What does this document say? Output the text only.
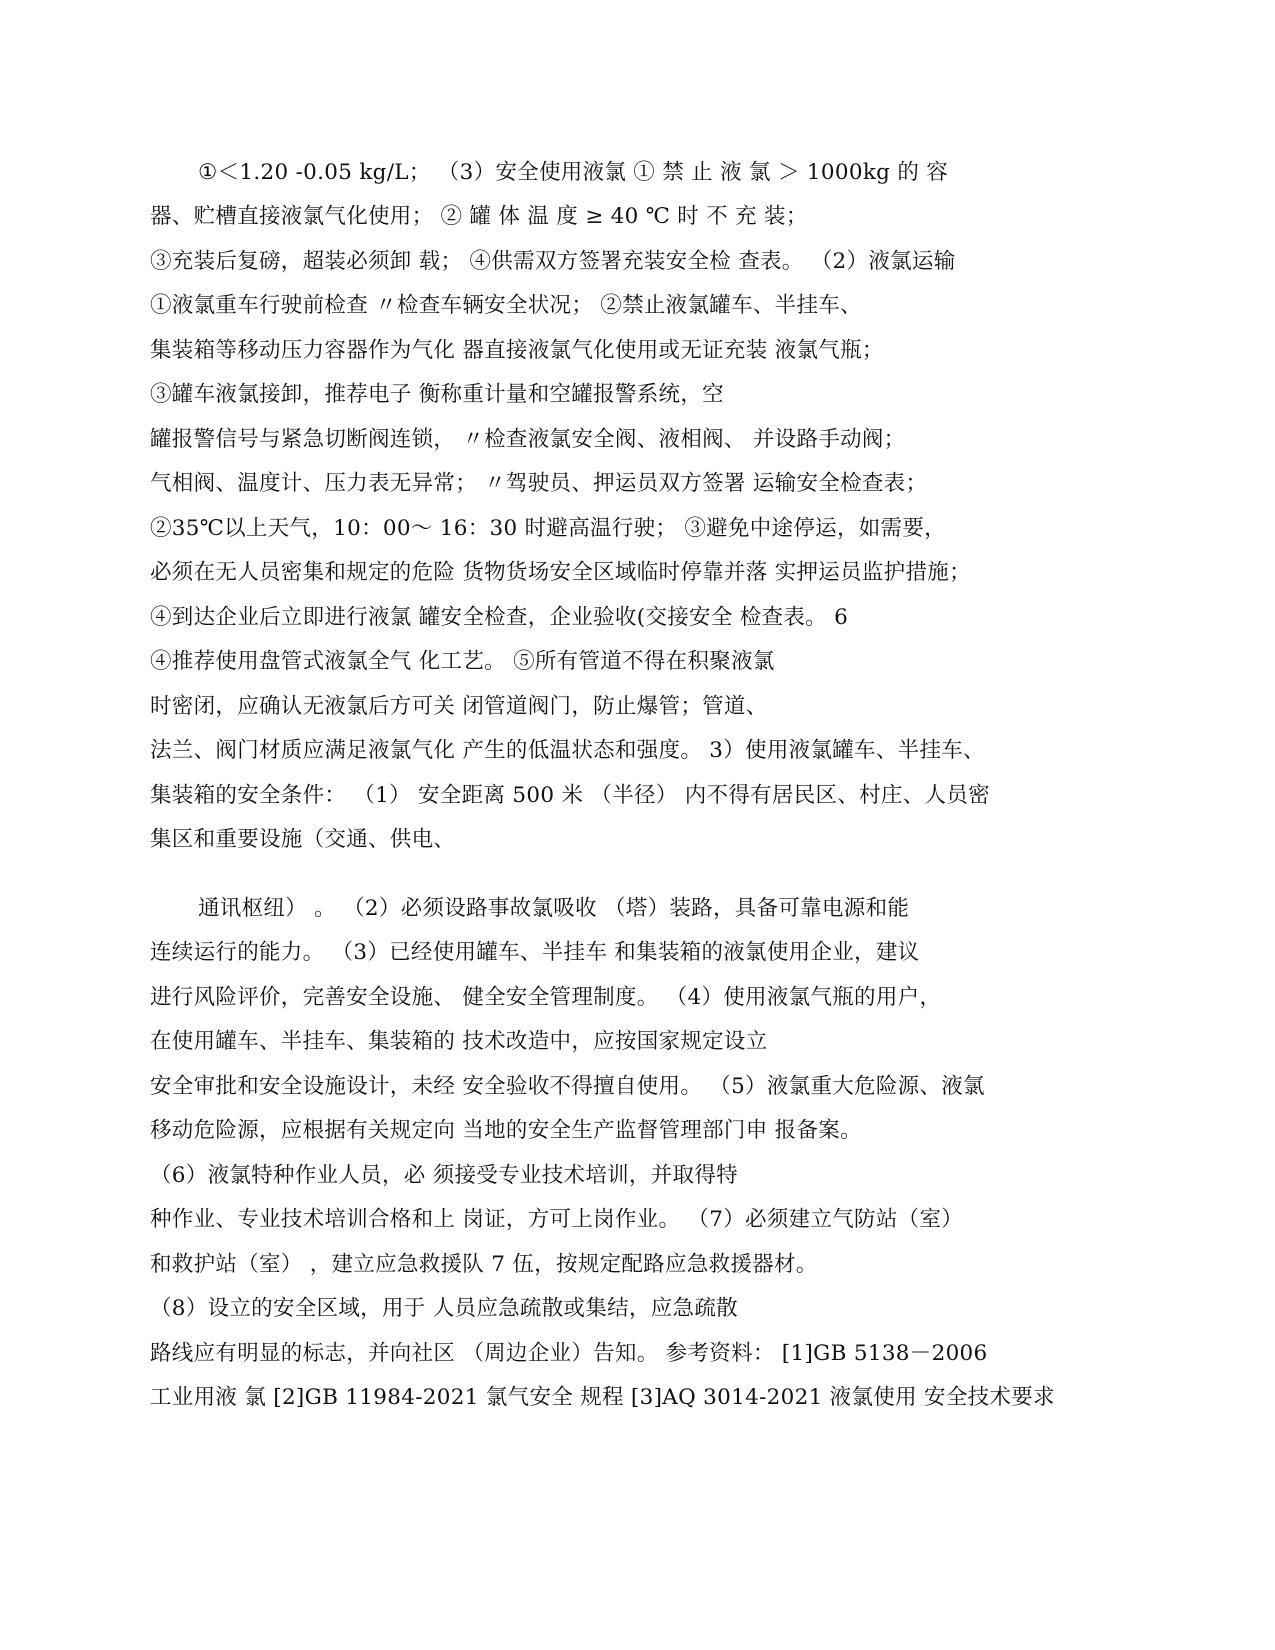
①＜1.20 -0.05 kg/L； （3）安全使用液氯 ① 禁 止 液 氯 ＞ 1000kg 的 容
器、贮槽直接液氯气化使用； ② 罐 体 温 度 ≥ 40 ℃ 时 不 充 装；
③充装后复磅，超装必须卸 载； ④供需双方签署充装安全检 查表。 （2）液氯运输
①液氯重车行驶前检查 〃检查车辆安全状况； ②禁止液氯罐车、半挂车、
集装箱等移动压力容器作为气化 器直接液氯气化使用或无证充装 液氯气瓶；
③罐车液氯接卸，推荐电子 衡称重计量和空罐报警系统，空
罐报警信号与紧急切断阀连锁， 〃检查液氯安全阀、液相阀、 并设路手动阀；
气相阀、温度计、压力表无异常； 〃驾驶员、押运员双方签署 运输安全检查表；
②35℃以上天气，10：00～ 16：30 时避高温行驶； ③避免中途停运，如需要，
必须在无人员密集和规定的危险 货物货场安全区域临时停靠并落 实押运员监护措施；
④到达企业后立即进行液氯 罐安全检查，企业验收(交接安全 检查表。 6
④推荐使用盘管式液氯全气 化工艺。 ⑤所有管道不得在积聚液氯
时密闭，应确认无液氯后方可关 闭管道阀门，防止爆管；管道、
法兰、阀门材质应满足液氯气化 产生的低温状态和强度。 3）使用液氯罐车、半挂车、
集装箱的安全条件： （1） 安全距离 500 米 （半径） 内不得有居民区、村庄、人员密
集区和重要设施（交通、供电、
通讯枢纽） 。 （2）必须设路事故氯吸收 （塔）装路，具备可靠电源和能
连续运行的能力。 （3）已经使用罐车、半挂车 和集装箱的液氯使用企业，建议
进行风险评价，完善安全设施、 健全安全管理制度。 （4）使用液氯气瓶的用户，
在使用罐车、半挂车、集装箱的 技术改造中，应按国家规定设立
安全审批和安全设施设计，未经 安全验收不得擅自使用。 （5）液氯重大危险源、液氯
移动危险源，应根据有关规定向 当地的安全生产监督管理部门申 报备案。
（6）液氯特种作业人员，必 须接受专业技术培训，并取得特
种作业、专业技术培训合格和上 岗证，方可上岗作业。 （7）必须建立气防站（室）
和救护站（室） ，建立应急救援队 7 伍，按规定配路应急救援器材。
（8）设立的安全区域，用于 人员应急疏散或集结，应急疏散
路线应有明显的标志，并向社区 （周边企业）告知。 参考资料： [1]GB 5138－2006
工业用液 氯 [2]GB 11984-2021 氯气安全 规程 [3]AQ 3014-2021 液氯使用 安全技术要求
